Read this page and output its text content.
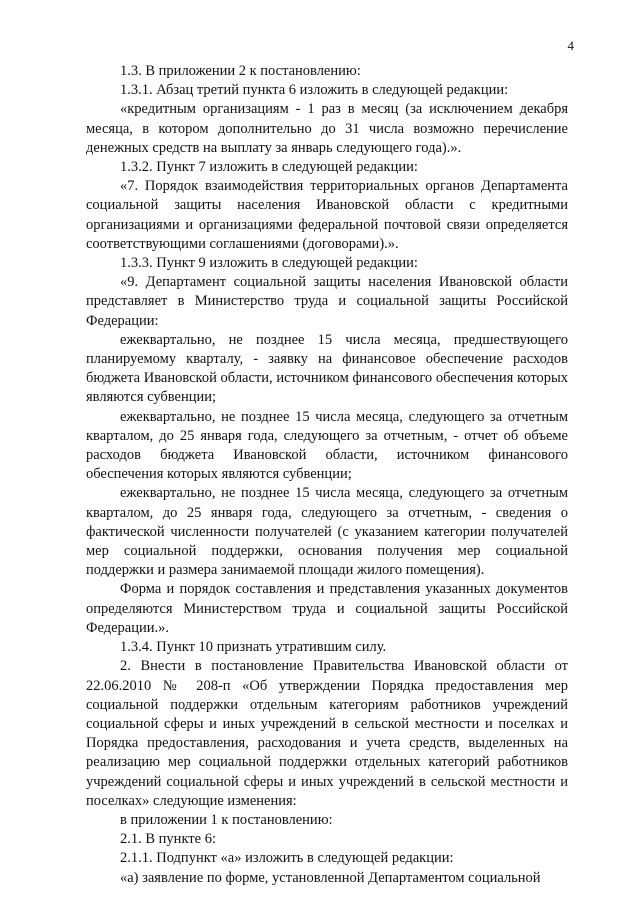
4

1.3. В приложении 2 к постановлению:

1.3.1. Абзац третий пункта 6 изложить в следующей редакции:

«кредитным организациям - 1 раз в месяц (за исключением декабря месяца, в котором дополнительно до 31 числа возможно перечисление денежных средств на выплату за январь следующего года).».

1.3.2. Пункт 7 изложить в следующей редакции:

«7. Порядок взаимодействия территориальных органов Департамента социальной защиты населения Ивановской области с кредитными организациями и организациями федеральной почтовой связи определяется соответствующими соглашениями (договорами).».

1.3.3. Пункт 9 изложить в следующей редакции:

«9. Департамент социальной защиты населения Ивановской области представляет в Министерство труда и социальной защиты Российской Федерации:

ежеквартально, не позднее 15 числа месяца, предшествующего планируемому кварталу, - заявку на финансовое обеспечение расходов бюджета Ивановской области, источником финансового обеспечения которых являются субвенции;

ежеквартально, не позднее 15 числа месяца, следующего за отчетным кварталом, до 25 января года, следующего за отчетным, - отчет об объеме расходов бюджета Ивановской области, источником финансового обеспечения которых являются субвенции;

ежеквартально, не позднее 15 числа месяца, следующего за отчетным кварталом, до 25 января года, следующего за отчетным, - сведения о фактической численности получателей (с указанием категории получателей мер социальной поддержки, основания получения мер социальной поддержки и размера занимаемой площади жилого помещения).

Форма и порядок составления и представления указанных документов определяются Министерством труда и социальной защиты Российской Федерации.».

1.3.4. Пункт 10 признать утратившим силу.

2. Внести в постановление Правительства Ивановской области от 22.06.2010 № 208-п «Об утверждении Порядка предоставления мер социальной поддержки отдельным категориям работников учреждений социальной сферы и иных учреждений в сельской местности и поселках и Порядка предоставления, расходования и учета средств, выделенных на реализацию мер социальной поддержки отдельных категорий работников учреждений социальной сферы и иных учреждений в сельской местности и поселках» следующие изменения:

в приложении 1 к постановлению:

2.1. В пункте 6:

2.1.1. Подпункт «а» изложить в следующей редакции:

«а) заявление по форме, установленной Департаментом социальной
